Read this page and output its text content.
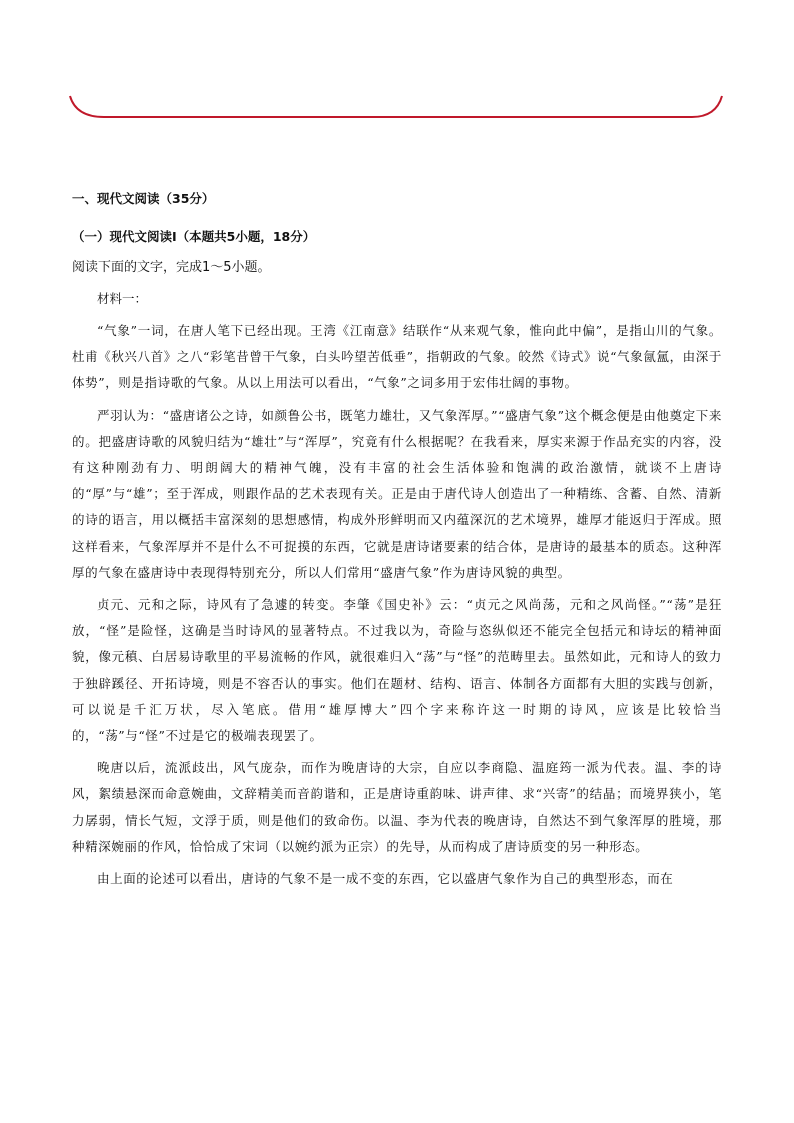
一、现代文阅读（35分）
（一）现代文阅读Ⅰ（本题共5小题，18分）
阅读下面的文字，完成1～5小题。
材料一：

“气象”一词，在唐人笔下已经出现。王湾《江南意》结联作“从来观气象，惟向此中偏”，是指山川的气象。杜甫《秋兴八首》之八“彩笔昔曾干气象，白头吟望苦低垂”，指朝政的气象。皎然《诗式》说“气象氤氲，由深于体势”，则是指诗歌的气象。从以上用法可以看出，“气象”之词多用于宏伟壮阔的事物。

严羽认为：“盛唐诸公之诗，如颜鲁公书，既笔力雄壮，又气象浑厚。”“盛唐气象”这个概念便是由他奠定下来的。把盛唐诗歌的风貌归结为“雄壮”与“浑厚”，究竟有什么根据呢？在我看来，厚实来源于作品充实的内容，没有这种刚劲有力、明朗阔大的精神气魄，没有丰富的社会生活体验和饱满的政治激情，就谈不上唐诗的“厚”与“雄”；至于浑成，则跟作品的艺术表现有关。正是由于唐代诗人创造出了一种精练、含蓄、自然、清新的诗的语言，用以概括丰富深刻的思想感情，构成外形鲜明而又内蕴深沉的艺术境界，雄厚才能返归于浑成。照这样看来，气象浑厚并不是什么不可捉摸的东西，它就是唐诗诸要素的结合体，是唐诗的最基本的质态。这种浑厚的气象在盛唐诗中表现得特别充分，所以人们常用“盛唐气象”作为唐诗风貌的典型。

贞元、元和之际，诗风有了急遽的转变。李肇《国史补》云：“贞元之风尚荡，元和之风尚怪。”“荡”是狂放，“怪”是险怪，这确是当时诗风的显著特点。不过我以为，奇险与恣纵似还不能完全包括元和诗坛的精神面貌，像元稹、白居易诗歌里的平易流畅的作风，就很难归入“荡”与“怪”的范畴里去。虽然如此，元和诗人的致力于独辟蹊径、开拓诗境，则是不容否认的事实。他们在题材、结构、语言、体制各方面都有大胆的实践与创新，可以说是千汇万状，尽入笔底。借用“雄厚博大”四个字来称许这一时期的诗风，应该是比较恰当的，“荡”与“怪”不过是它的极端表现罢了。

晚唐以后，流派歧出，风气庞杂，而作为晚唐诗的大宗，自应以李商隐、温庭筠一派为代表。温、李的诗风，絮绩悬深而命意婉曲，文辞精美而音韵谐和，正是唐诗重韵味、讲声律、求“兴寄”的结晶；而境界狭小，笔力孱弱，情长气短，文浮于质，则是他们的致命伤。以温、李为代表的晚唐诗，自然达不到气象浑厚的胜境，那种精深婉丽的作风，恰恰成了宋词（以婉约派为正宗）的先导，从而构成了唐诗质变的另一种形态。

由上面的论述可以看出，唐诗的气象不是一成不变的东西，它以盛唐气象作为自己的典型形态，而在
